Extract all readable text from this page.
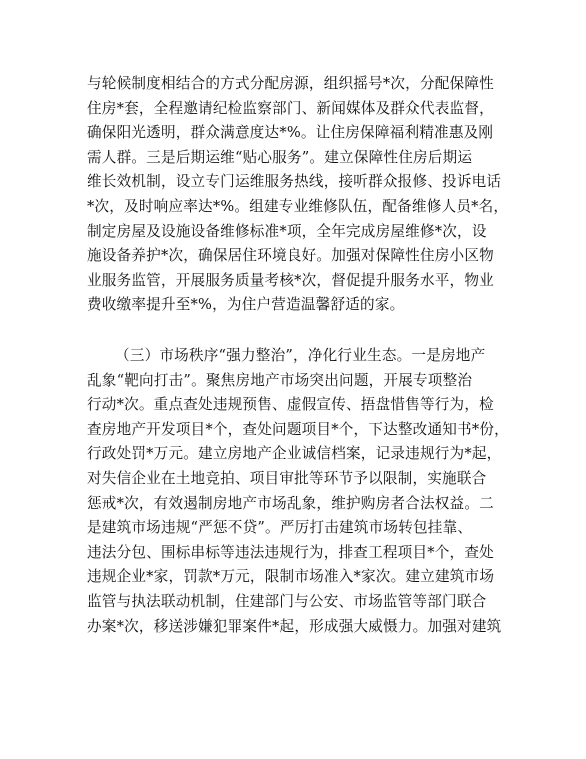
与轮候制度相结合的方式分配房源，组织摇号*次，分配保障性
住房*套，全程邀请纪检监察部门、新闻媒体及群众代表监督，
确保阳光透明，群众满意度达*%。让住房保障福利精准惠及刚
需人群。三是后期运维“贴心服务”。建立保障性住房后期运
维长效机制，设立专门运维服务热线，接听群众报修、投诉电话
*次，及时响应率达*%。组建专业维修队伍，配备维修人员*名，
制定房屋及设施设备维修标准*项，全年完成房屋维修*次，设
施设备养护*次，确保居住环境良好。加强对保障性住房小区物
业服务监管，开展服务质量考核*次，督促提升服务水平，物业
费收缴率提升至*%，为住户营造温馨舒适的家。
（三）市场秩序“强力整治”，净化行业生态。一是房地产
乱象“靶向打击”。聚焦房地产市场突出问题，开展专项整治
行动*次。重点查处违规预售、虚假宣传、捂盘惜售等行为，检
查房地产开发项目*个，查处问题项目*个，下达整改通知书*份，
行政处罚*万元。建立房地产企业诚信档案，记录违规行为*起，
对失信企业在土地竞拍、项目审批等环节予以限制，实施联合
惩戒*次，有效遏制房地产市场乱象，维护购房者合法权益。二
是建筑市场违规“严惩不贷”。严厉打击建筑市场转包挂靠、
违法分包、围标串标等违法违规行为，排查工程项目*个，查处
违规企业*家，罚款*万元，限制市场准入*家次。建立建筑市场
监管与执法联动机制，住建部门与公安、市场监管等部门联合
办案*次，移送涉嫌犯罪案件*起，形成强大威慑力。加强对建筑
